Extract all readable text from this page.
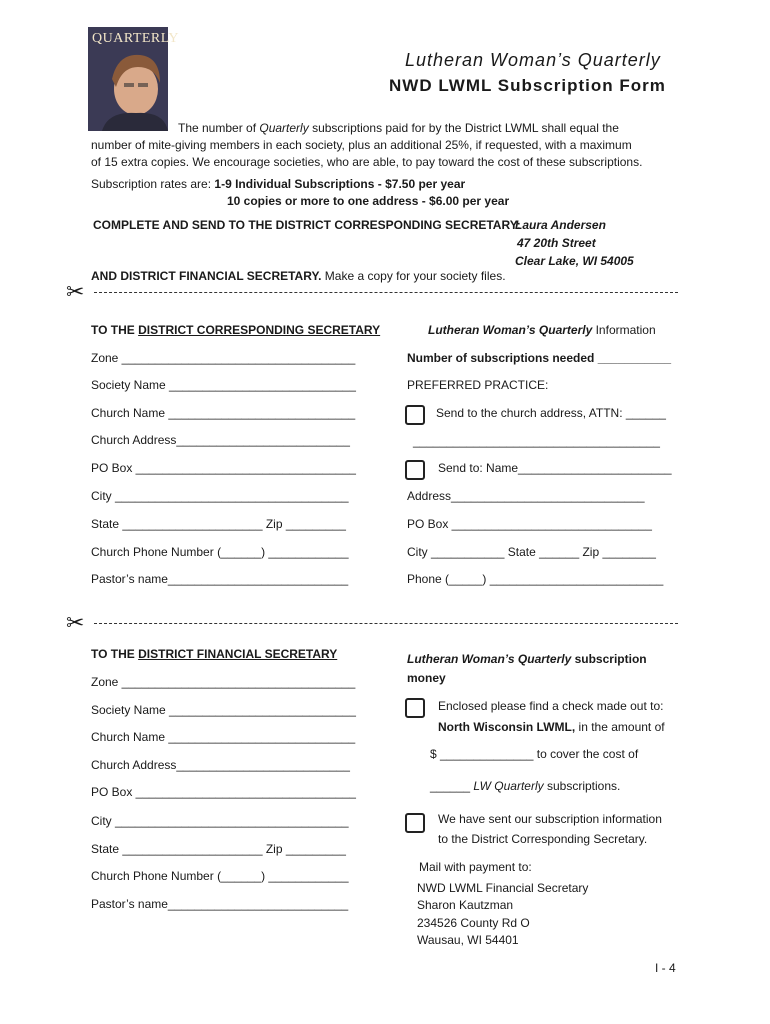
QUARTERLY
Lutheran Woman’s Quarterly
NWD LWML Subscription Form
The number of Quarterly subscriptions paid for by the District LWML shall equal the
number of mite-giving members in each society, plus an additional 25%, if requested, with a maximum
of 15 extra copies. We encourage societies, who are able, to pay toward the cost of these subscriptions.
Subscription rates are: 1-9 Individual Subscriptions - $7.50 per year
10 copies or more to one address - $6.00 per year
COMPLETE AND SEND TO THE DISTRICT CORRESPONDING SECRETARY:
Laura Andersen
47 20th Street
Clear Lake, WI 54005
AND DISTRICT FINANCIAL SECRETARY. Make a copy for your society files.
✂
TO THE DISTRICT CORRESPONDING SECRETARY
Zone ___________________________________
Society Name ____________________________
Church Name ____________________________
Church Address__________________________
PO Box _________________________________
City ___________________________________
State _____________________ Zip _________
Church Phone Number (______) ____________
Pastor’s name___________________________
Lutheran Woman’s Quarterly Information
Number of subscriptions needed ___________
PREFERRED PRACTICE:
Send to the church address, ATTN: ______
_____________________________________
Send to: Name_______________________
Address_____________________________
PO Box ______________________________
City ___________ State ______ Zip ________
Phone (_____) __________________________
✂
TO THE DISTRICT FINANCIAL SECRETARY
Zone ___________________________________
Society Name ____________________________
Church Name ____________________________
Church Address__________________________
PO Box _________________________________
City ___________________________________
State _____________________ Zip _________
Church Phone Number (______) ____________
Pastor’s name___________________________
Lutheran Woman’s Quarterly subscription
money
Enclosed please find a check made out to:
North Wisconsin LWML, in the amount of
$ ______________ to cover the cost of
______ LW Quarterly subscriptions.
We have sent our subscription information
to the District Corresponding Secretary.
Mail with payment to:
NWD LWML Financial Secretary
Sharon Kautzman
234526 County Rd O
Wausau, WI 54401
I - 4
